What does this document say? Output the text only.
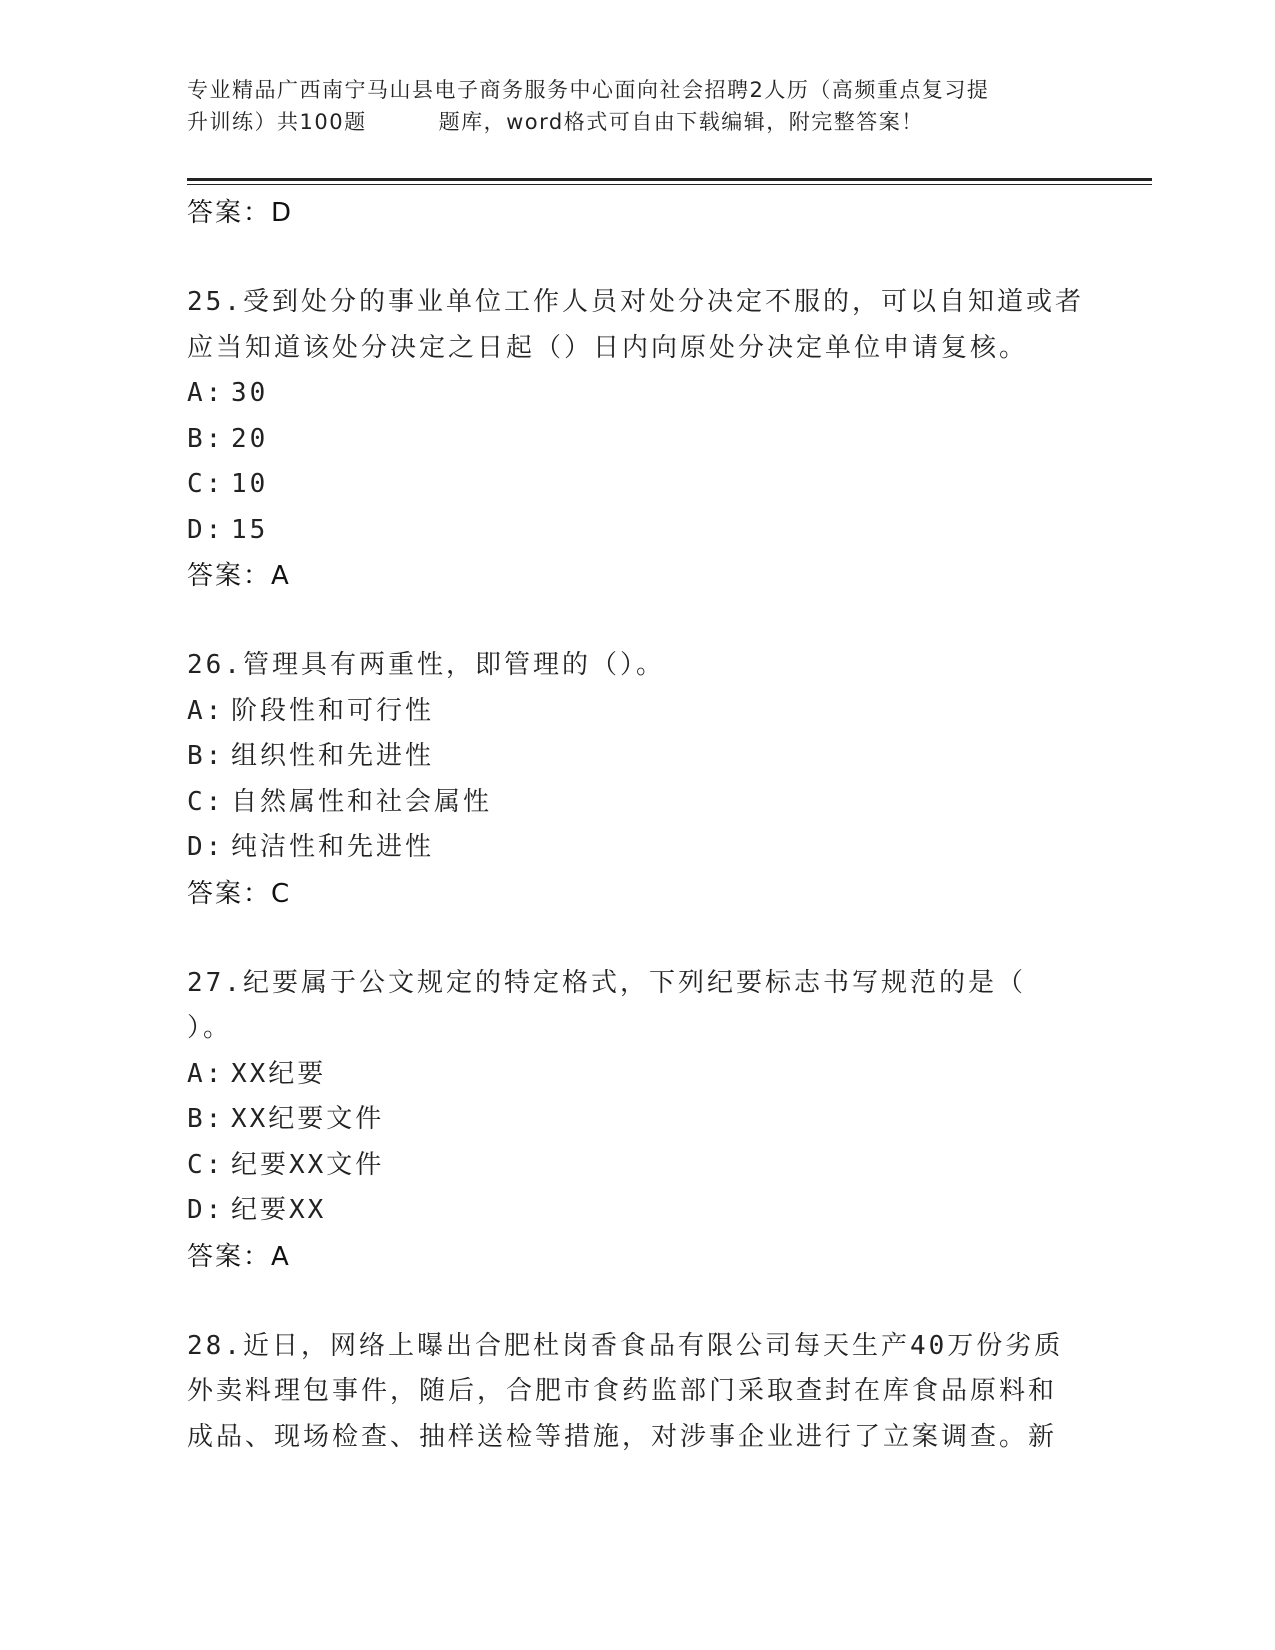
专业精品广西南宁马山县电子商务服务中心面向社会招聘2人历（高频重点复习提
升训练）共100题	题库，word格式可自由下载编辑，附完整答案！
答案：D
25.受到处分的事业单位工作人员对处分决定不服的，可以自知道或者
应当知道该处分决定之日起（）日内向原处分决定单位申请复核。
A: 30
B: 20
C: 10
D: 15
答案：A
26.管理具有两重性，即管理的（）。
A: 阶段性和可行性
B: 组织性和先进性
C: 自然属性和社会属性
D: 纯洁性和先进性
答案：C
27.纪要属于公文规定的特定格式，下列纪要标志书写规范的是（
）。
A: XX纪要
B: XX纪要文件
C: 纪要XX文件
D: 纪要XX
答案：A
28.近日，网络上曝出合肥杜岗香食品有限公司每天生产40万份劣质
外卖料理包事件，随后，合肥市食药监部门采取查封在库食品原料和
成品、现场检查、抽样送检等措施，对涉事企业进行了立案调查。新
